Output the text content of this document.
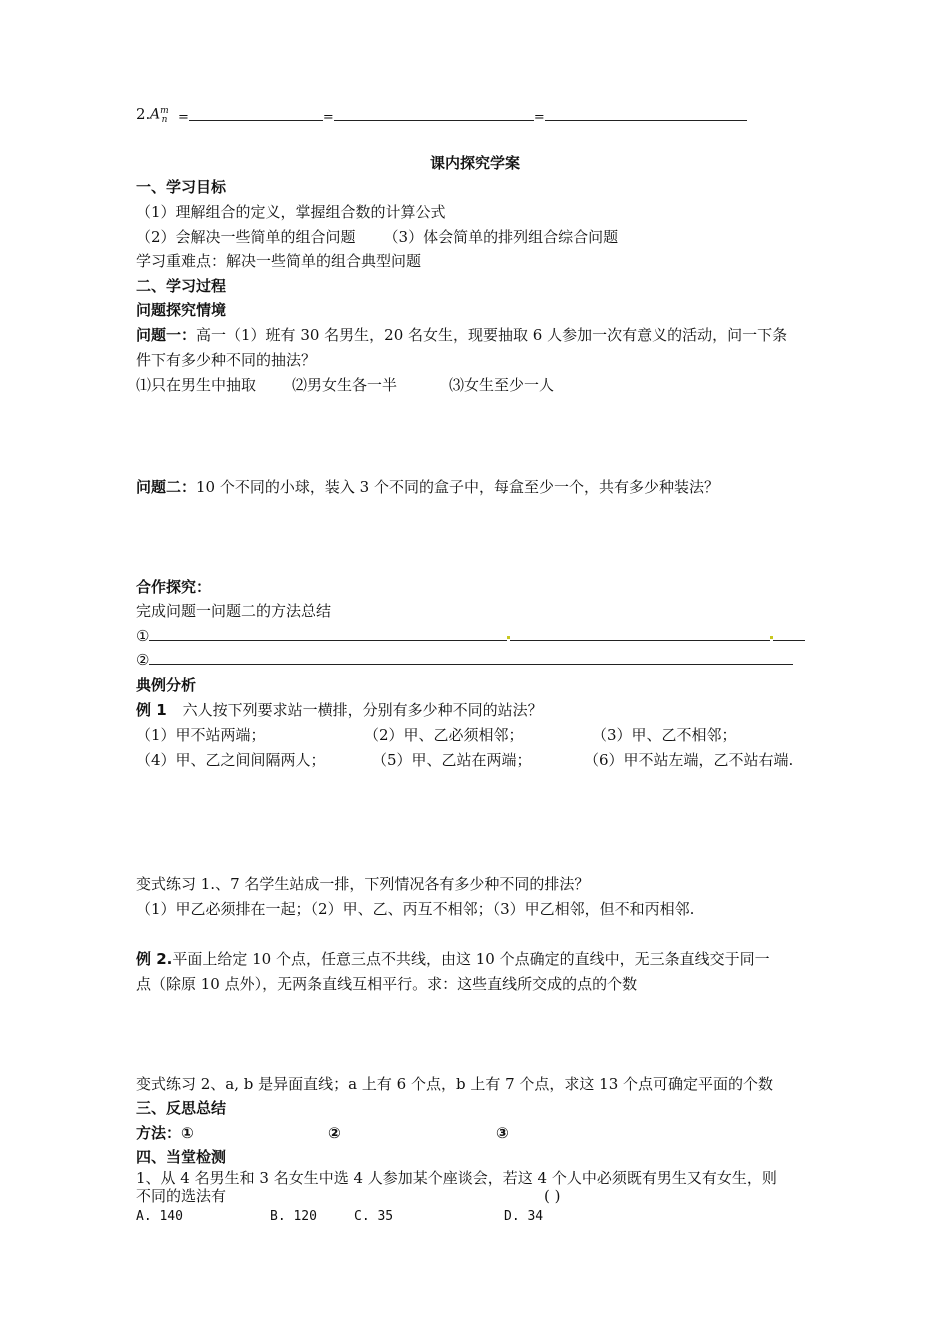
2. $A^m_n$ =	=	=
课内探究学案
一、学习目标
（1）理解组合的定义，掌握组合数的计算公式
（2）会解决一些简单的组合问题 （3）体会简单的排列组合综合问题
学习重难点：解决一些简单的组合典型问题
二、学习过程
问题探究情境
问题一：高一（1）班有 30 名男生，20 名女生，现要抽取 6 人参加一次有意义的活动，问一下条
件下有多少种不同的抽法？
⑴只在男生中抽取 ⑵男女生各一半	⑶女生至少一人
问题二：10 个不同的小球，装入 3 个不同的盒子中，每盒至少一个，共有多少种装法？
合作探究：
完成问题一问题二的方法总结
①
②
典例分析
例 1 六人按下列要求站一横排，分别有多少种不同的站法？
（1）甲不站两端；	（2）甲、乙必须相邻；	（3）甲、乙不相邻；
（4）甲、乙之间间隔两人；	（5）甲、乙站在两端；	（6）甲不站左端，乙不站右端.
变式练习 1.、7 名学生站成一排，下列情况各有多少种不同的排法？
（1）甲乙必须排在一起；（2）甲、乙、丙互不相邻；（3）甲乙相邻，但不和丙相邻.
例 2.平面上给定 10 个点，任意三点不共线，由这 10 个点确定的直线中，无三条直线交于同一
点（除原 10 点外），无两条直线互相平行。求：这些直线所交成的点的个数
变式练习 2、a, b 是异面直线；a 上有 6 个点，b 上有 7 个点，求这 13 个点可确定平面的个数
三、反思总结
方法：①	②	③
四、当堂检测
1、从 4 名男生和 3 名女生中选 4 人参加某个座谈会，若这 4 个人中必须既有男生又有女生，则
不同的选法有	( )
A. 140	B. 120	C. 35	D. 34
